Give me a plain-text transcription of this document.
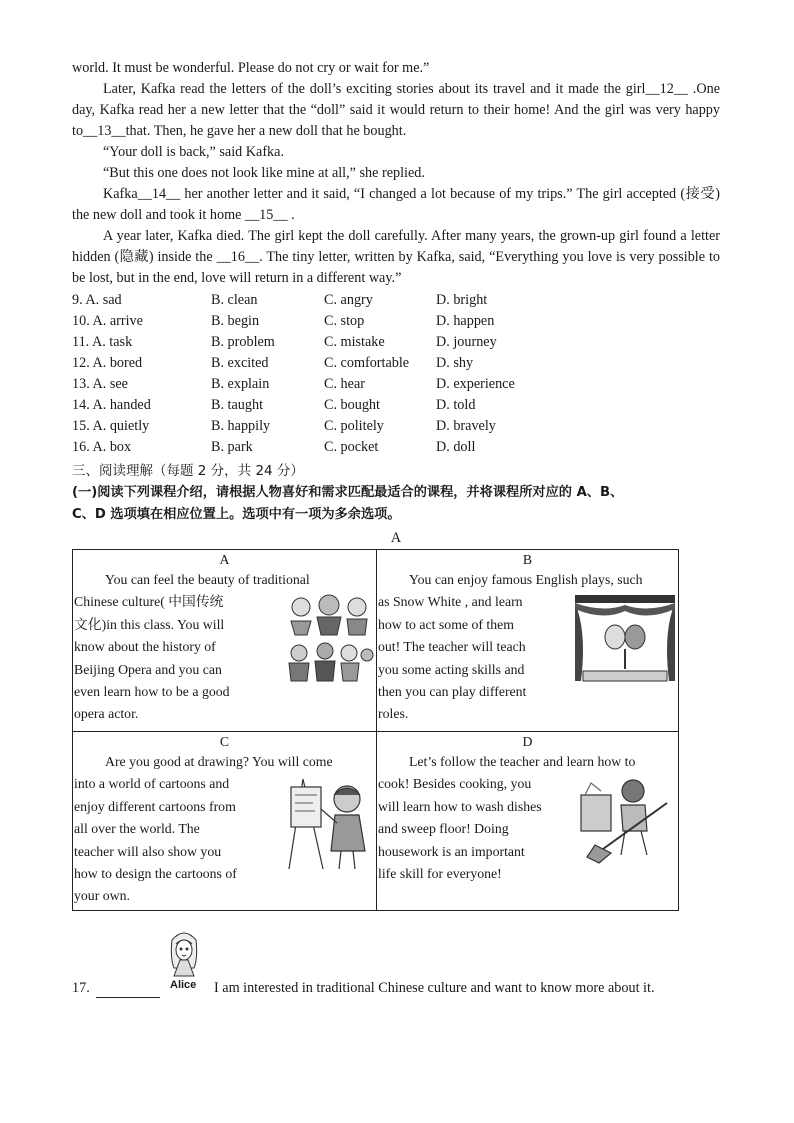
world. It must be wonderful. Please do not cry or wait for me.”

Later, Kafka read the letters of the doll’s exciting stories about its travel and it made the girl__12__ .One day, Kafka read her a new letter that the “doll” said it would return to their home! And the girl was very happy to__13__that. Then, he gave her a new doll that he bought.

“Your doll is back,” said Kafka.

“But this one does not look like mine at all,” she replied.

Kafka__14__ her another letter and it said, “I changed a lot because of my trips.” The girl accepted (接受) the new doll and took it home __15__ .

A year later, Kafka died. The girl kept the doll carefully. After many years, the grown-up girl found a letter hidden (隐藏) inside the __16__. The tiny letter, written by Kafka, said, “Everything you love is very possible to be lost, but in the end, love will return in a different way.”

9. A. sad	B. clean	C. angry	D. bright
10. A. arrive	B. begin	C. stop	D. happen
11. A. task	B. problem	C. mistake	D. journey
12. A. bored	B. excited	C. comfortable	D. shy
13. A. see	B. explain	C. hear	D. experience
14. A. handed	B. taught	C. bought	D. told
15. A. quietly	B. happily	C. politely	D. bravely
16. A. box	B. park	C. pocket	D. doll
三、阅读理解（每题 2 分，共 24 分）
(一)阅读下列课程介绍，请根据人物喜好和需求匹配最适合的课程，并将课程所对应的 A、B、
C、D 选项填在相应位置上。选项中有一项为多余选项。
A
A
You can feel the beauty of traditional
Chinese culture( 中国传统
文化)in this class. You will
know about the history of
Beijing Opera and you can
even learn how to be a good
opera actor.
B
You can enjoy famous English plays, such
as Snow White , and learn
how to act some of them
out! The teacher will teach
you some acting skills and
then you can play different
roles.
C
Are you good at drawing? You will come
into a world of cartoons and
enjoy different cartoons from
all over the world. The
teacher will also show you
how to design the cartoons of
your own.
D
Let’s follow the teacher and learn how to
cook! Besides cooking, you
will learn how to wash dishes
and sweep floor! Doing
housework is an important
life skill for everyone!
Alice
17.	I am interested in traditional Chinese culture and want to know more about it.
